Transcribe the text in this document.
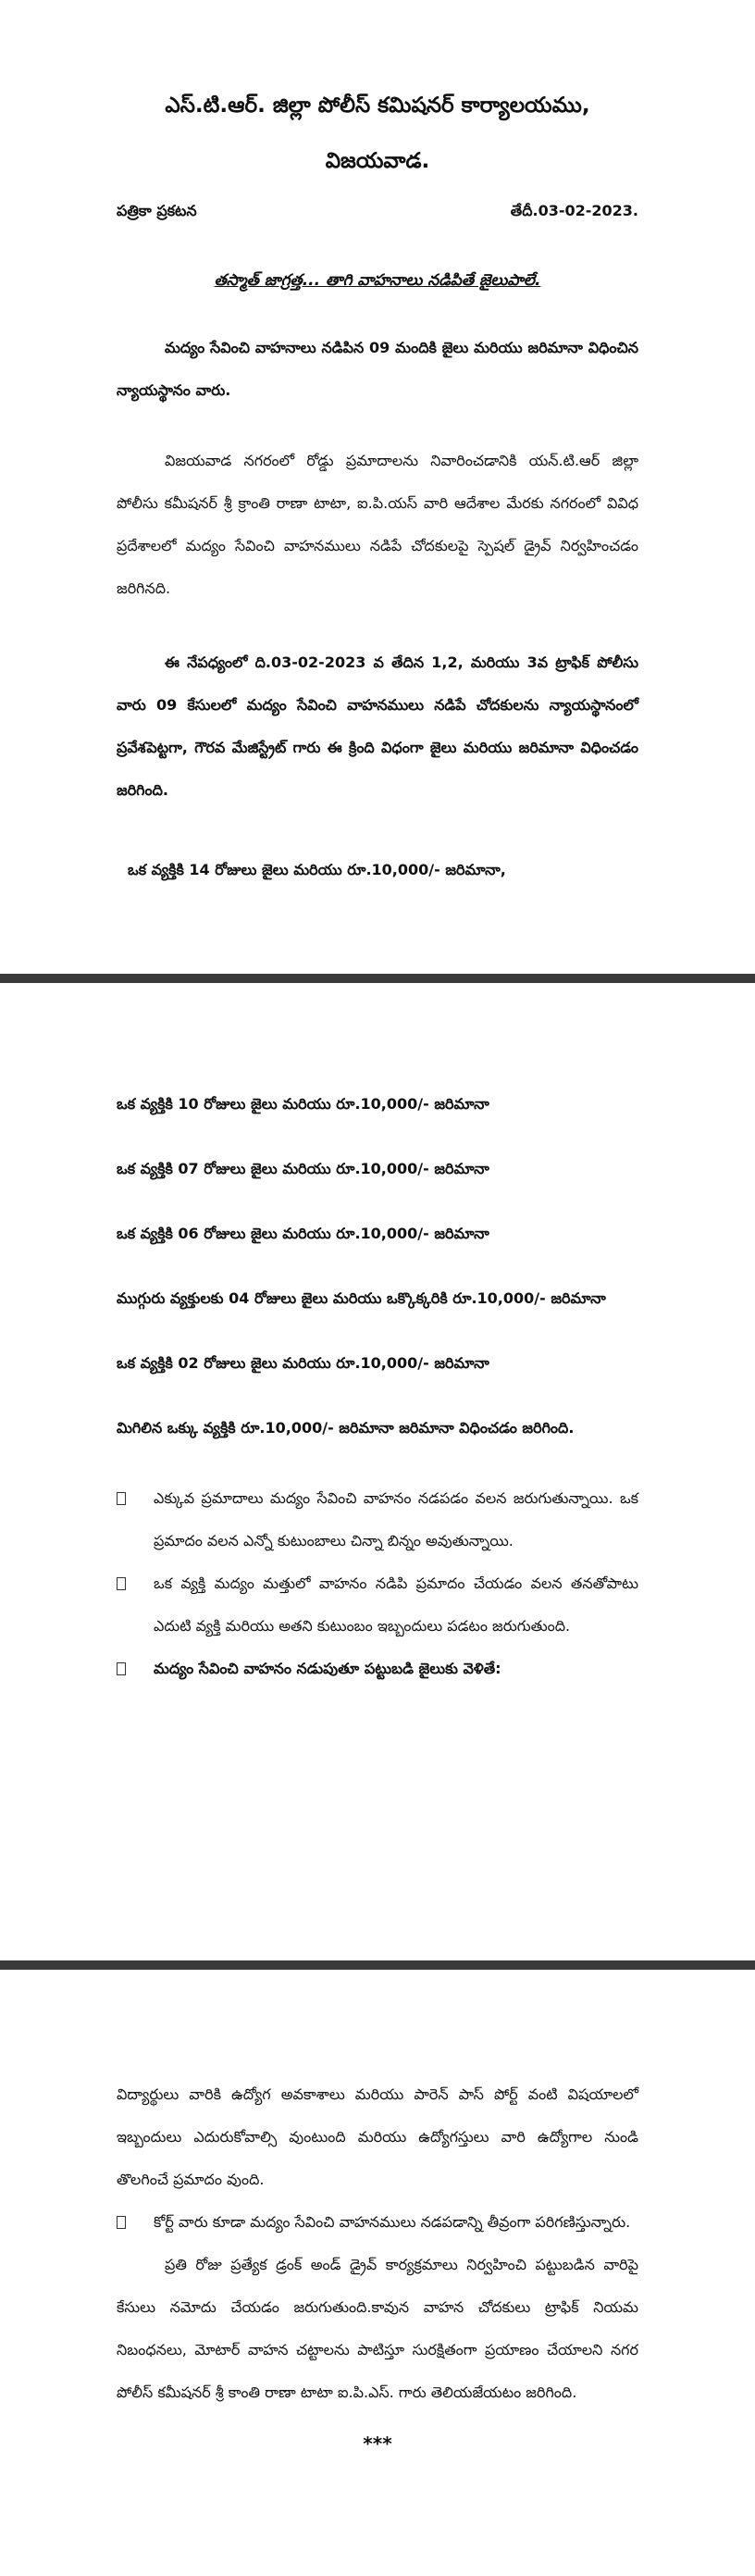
ఎస్.టి.ఆర్. జిల్లా పోలీస్ కమిషనర్ కార్యాలయము,
విజయవాడ.
పత్రికా ప్రకటన	తేదీ.03-02-2023.

తస్మాత్ జాగ్రత్త... తాగి వాహనాలు నడిపితే జైలుపాలే.

మద్యం సేవించి వాహనాలు నడిపిన 09 మందికి జైలు మరియు జరిమానా విధించిన న్యాయస్థానం వారు.

విజయవాడ నగరంలో రోడ్డు ప్రమాదాలను నివారించడానికి యన్.టి.ఆర్ జిల్లా పోలీసు కమీషనర్ శ్రీ క్రాంతి రాణా టాటా, ఐ.పి.యస్ వారి ఆదేశాల మేరకు నగరంలో వివిధ ప్రదేశాలలో మద్యం సేవించి వాహనములు నడిపే చోదకులపై స్పెషల్ డ్రైవ్ నిర్వహించడం జరిగినది.

ఈ నేపధ్యంలో ది.03-02-2023 వ తేదిన 1,2, మరియు 3వ ట్రాఫిక్ పోలీసు వారు 09 కేసులలో మద్యం సేవించి వాహనములు నడిపే చోదకులను న్యాయస్థానంలో ప్రవేశపెట్టగా, గౌరవ మేజిస్ట్రేట్ గారు ఈ క్రింది విధంగా జైలు మరియు జరిమానా విధించడం జరిగింది.

ఒక వ్యక్తికి 14 రోజులు జైలు మరియు రూ.10,000/- జరిమానా,

ఒక వ్యక్తికి 10 రోజులు జైలు మరియు రూ.10,000/- జరిమానా

ఒక వ్యక్తికి 07 రోజులు జైలు మరియు రూ.10,000/- జరిమానా

ఒక వ్యక్తికి 06 రోజులు జైలు మరియు రూ.10,000/- జరిమానా

ముగ్గురు వ్యక్తులకు 04 రోజులు జైలు మరియు ఒక్కొక్కరికి రూ.10,000/- జరిమానా

ఒక వ్యక్తికి 02 రోజులు జైలు మరియు రూ.10,000/- జరిమానా

మిగిలిన ఒక్కు వ్యక్తికి రూ.10,000/- జరిమానా జరిమానా విధించడం జరిగింది.

ఎక్కువ ప్రమాదాలు మద్యం సేవించి వాహనం నడపడం వలన జరుగుతున్నాయి. ఒక ప్రమాదం వలన ఎన్నో కుటుంబాలు చిన్నా బిన్నం అవుతున్నాయి.
ఒక వ్యక్తి మద్యం మత్తులో వాహనం నడిపి ప్రమాదం చేయడం వలన తనతోపాటు ఎదుటి వ్యక్తి మరియు అతని కుటుంబం ఇబ్బందులు పడటం జరుగుతుంది.
మద్యం సేవించి వాహనం నడుపుతూ పట్టుబడి జైలుకు వెళితే:

విద్యార్థులు వారికి ఉద్యోగ అవకాశాలు మరియు పారెన్ పాస్ పోర్ట్ వంటి విషయాలలో ఇబ్బందులు ఎదురుకోవాల్సి వుంటుంది మరియు ఉద్యోగస్తులు వారి ఉద్యోగాల నుండి తొలగించే ప్రమాదం వుంది.

కోర్ట్ వారు కూడా మద్యం సేవించి వాహనములు నడపడాన్ని తీవ్రంగా పరిగణిస్తున్నారు.

ప్రతి రోజు ప్రత్యేక డ్రంక్ అండ్ డ్రైవ్ కార్యక్రమాలు నిర్వహించి పట్టుబడిన వారిపై కేసులు నమోదు చేయడం జరుగుతుంది.కావున వాహన చోదకులు ట్రాఫిక్ నియమ నిబంధనలు, మోటార్ వాహన చట్టాలను పాటిస్తూ సురక్షితంగా ప్రయాణం చేయాలని నగర పోలీస్ కమీషనర్ శ్రీ కాంతి రాణా టాటా ఐ.పి.ఎస్. గారు తెలియజేయటం జరిగింది.

***
